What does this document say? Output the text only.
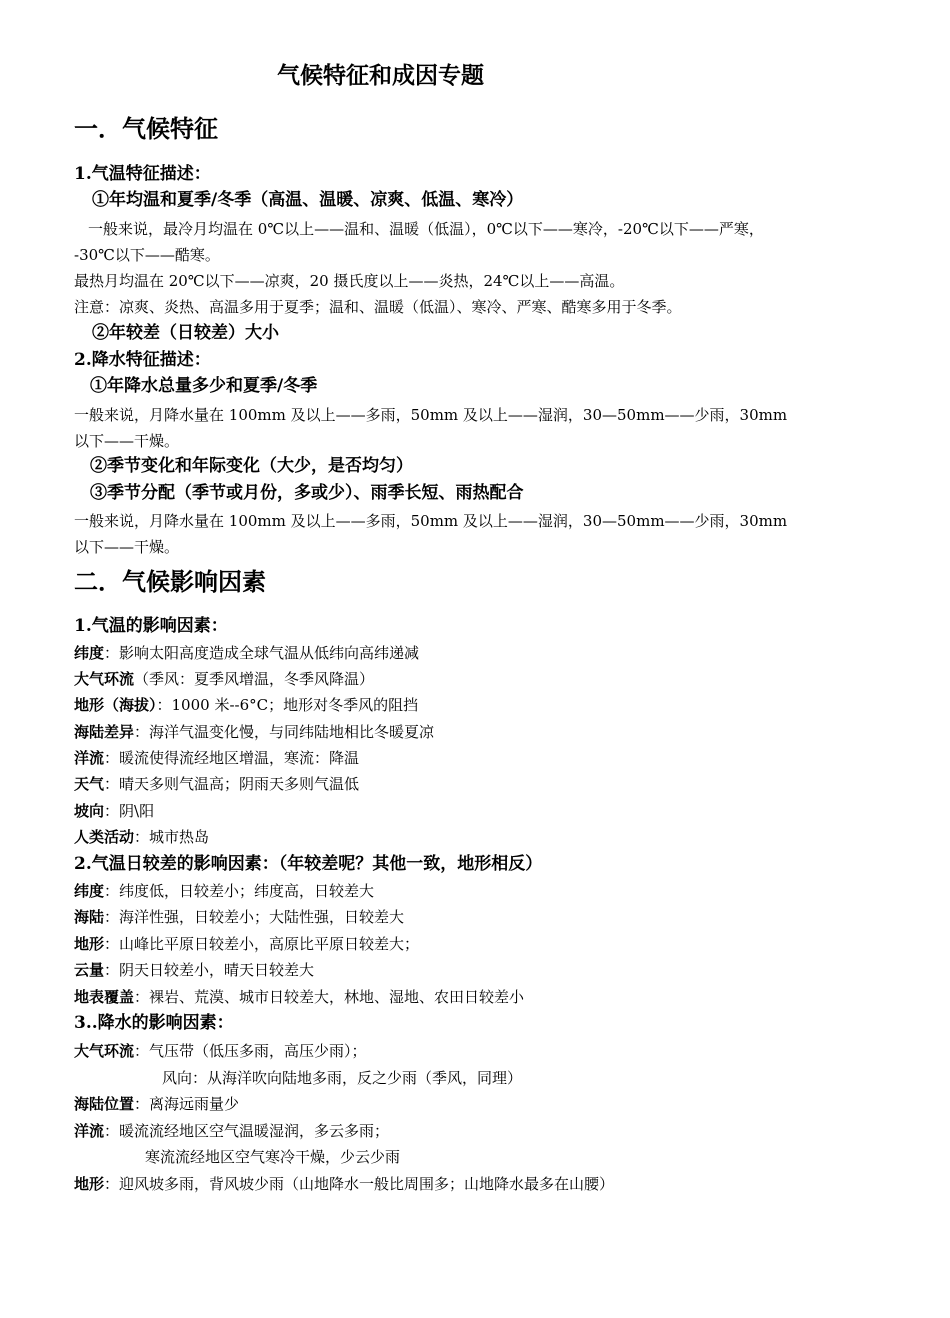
气候特征和成因专题
一．气候特征
1.气温特征描述：
①年均温和夏季/冬季（高温、温暖、凉爽、低温、寒冷）
一般来说，最冷月均温在 0℃以上——温和、温暖（低温），0℃以下——寒冷，-20℃以下——严寒，
-30℃以下——酷寒。
最热月均温在 20℃以下——凉爽，20 摄氏度以上——炎热，24℃以上——高温。
注意：凉爽、炎热、高温多用于夏季；温和、温暖（低温）、寒冷、严寒、酷寒多用于冬季。
②年较差（日较差）大小
2.降水特征描述：
①年降水总量多少和夏季/冬季
一般来说，月降水量在 100mm 及以上——多雨，50mm 及以上——湿润，30—50mm——少雨，30mm
以下——干燥。
②季节变化和年际变化（大少，是否均匀）
③季节分配（季节或月份，多或少）、雨季长短、雨热配合
一般来说，月降水量在 100mm 及以上——多雨，50mm 及以上——湿润，30—50mm——少雨，30mm
以下——干燥。
二．气候影响因素
1.气温的影响因素：
纬度：影响太阳高度造成全球气温从低纬向高纬递减
大气环流（季风：夏季风增温，冬季风降温）
地形（海拔）：1000 米--6°C；地形对冬季风的阻挡
海陆差异：海洋气温变化慢，与同纬陆地相比冬暖夏凉
洋流：暖流使得流经地区增温，寒流：降温
天气：晴天多则气温高；阴雨天多则气温低
坡向：阴\阳
人类活动：城市热岛
2.气温日较差的影响因素：（年较差呢？其他一致，地形相反）
纬度：纬度低，日较差小；纬度高，日较差大
海陆：海洋性强，日较差小；大陆性强，日较差大
地形：山峰比平原日较差小，高原比平原日较差大；
云量：阴天日较差小，晴天日较差大
地表覆盖：裸岩、荒漠、城市日较差大，林地、湿地、农田日较差小
3..降水的影响因素：
大气环流：气压带（低压多雨，高压少雨）；
风向：从海洋吹向陆地多雨，反之少雨（季风，同理）
海陆位置：离海远雨量少
洋流：暖流流经地区空气温暖湿润，多云多雨；
寒流流经地区空气寒冷干燥，少云少雨
地形：迎风坡多雨，背风坡少雨（山地降水一般比周围多；山地降水最多在山腰）
